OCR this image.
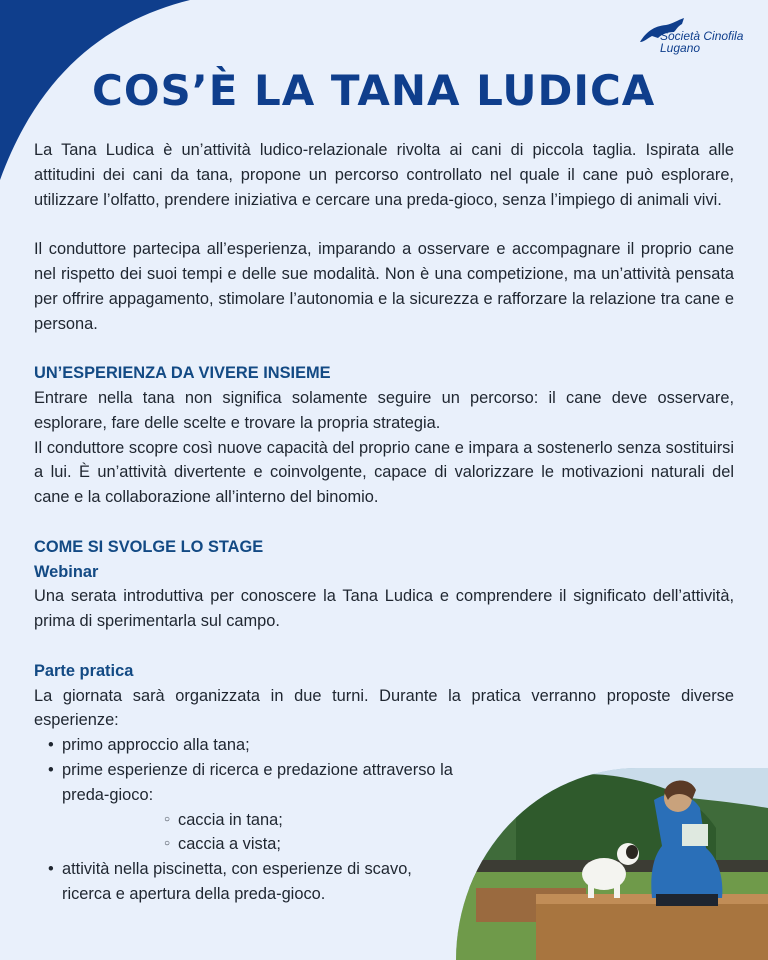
Società Cinofila
Lugano
COS’È LA TANA LUDICA

La Tana Ludica è un’attività ludico-relazionale rivolta ai cani di piccola taglia. Ispirata alle attitudini dei cani da tana, propone un percorso controllato nel quale il cane può esplorare, utilizzare l’olfatto, prendere iniziativa e cercare una preda-gioco, senza l’impiego di animali vivi.

Il conduttore partecipa all’esperienza, imparando a osservare e accompagnare il proprio cane nel rispetto dei suoi tempi e delle sue modalità. Non è una competizione, ma un’attività pensata per offrire appagamento, stimolare l’autonomia e la sicurezza e rafforzare la relazione tra cane e persona.

UN’ESPERIENZA DA VIVERE INSIEME

Entrare nella tana non significa solamente seguire un percorso: il cane deve osservare, esplorare, fare delle scelte e trovare la propria strategia.

Il conduttore scopre così nuove capacità del proprio cane e impara a sostenerlo senza sostituirsi a lui. È un’attività divertente e coinvolgente, capace di valorizzare le motivazioni naturali del cane e la collaborazione all’interno del binomio.

COME SI SVOLGE LO STAGE
Webinar

Una serata introduttiva per conoscere la Tana Ludica e comprendere il significato dell’attività, prima di sperimentarla sul campo.

Parte pratica

La giornata sarà organizzata in due turni. Durante la pratica verranno proposte diverse esperienze:

• primo approccio alla tana;
• prime esperienze di ricerca e predazione attraverso la preda-gioco:
○ caccia in tana;
○ caccia a vista;
• attività nella piscinetta, con esperienze di scavo, ricerca e apertura della preda-gioco.
